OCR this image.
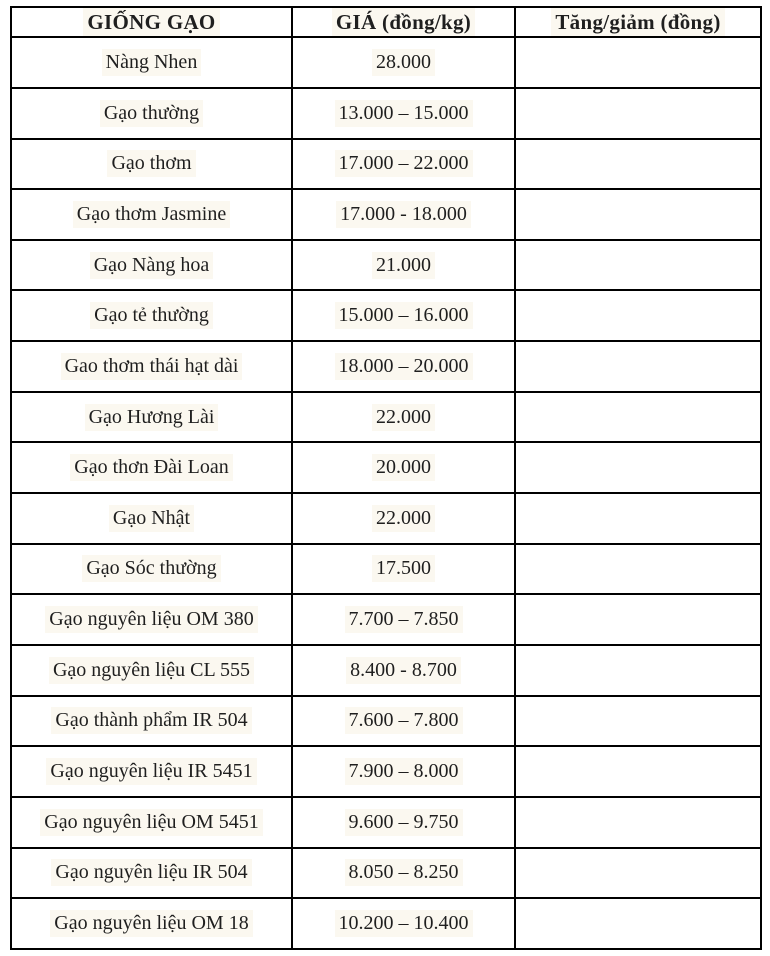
GIỐNG GẠO	GIÁ (đồng/kg)	Tăng/giảm (đồng)
Nàng Nhen	28.000	
Gạo thường	13.000 – 15.000	
Gạo thơm	17.000 – 22.000	
Gạo thơm Jasmine	17.000 - 18.000	
Gạo Nàng hoa	21.000	
Gạo tẻ thường	15.000 – 16.000	
Gao thơm thái hạt dài	18.000 – 20.000	
Gạo Hương Lài	22.000	
Gạo thơn Đài Loan	20.000	
Gạo Nhật	22.000	
Gạo Sóc thường	17.500	
Gạo nguyên liệu OM 380	7.700 – 7.850	
Gạo nguyên liệu CL 555	8.400 - 8.700	
Gạo thành phẩm IR 504	7.600 – 7.800	
Gạo nguyên liệu IR 5451	7.900 – 8.000	
Gạo nguyên liệu OM 5451	9.600 – 9.750	
Gạo nguyên liệu IR 504	8.050 – 8.250	
Gạo nguyên liệu OM 18	10.200 – 10.400	
